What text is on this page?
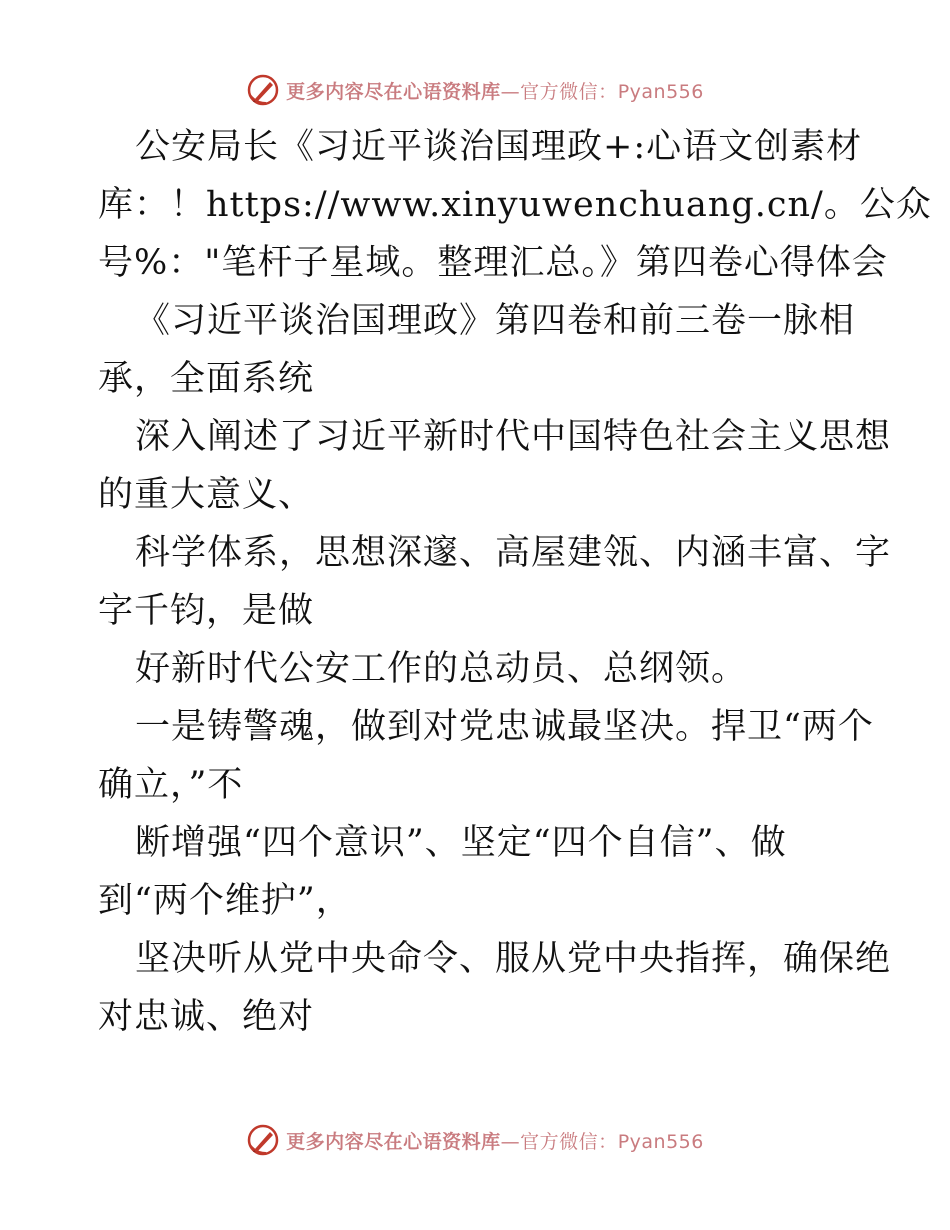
更多内容尽在心语资料库—官方微信：Pyan556
公安局长《习近平谈治国理政+:心语文创素材
库：！https://www.xinyuwenchuang.cn/。公众
号%："笔杆子星域。整理汇总。》第四卷心得体会
《习近平谈治国理政》第四卷和前三卷一脉相
承，全面系统
深入阐述了习近平新时代中国特色社会主义思想
的重大意义、
科学体系，思想深邃、高屋建瓴、内涵丰富、字
字千钧，是做
好新时代公安工作的总动员、总纲领。
一是铸警魂，做到对党忠诚最坚决。捍卫“两个
确立，”不
断增强“四个意识”、坚定“四个自信”、做
到“两个维护”，
坚决听从党中央命令、服从党中央指挥，确保绝
对忠诚、绝对
更多内容尽在心语资料库—官方微信：Pyan556
